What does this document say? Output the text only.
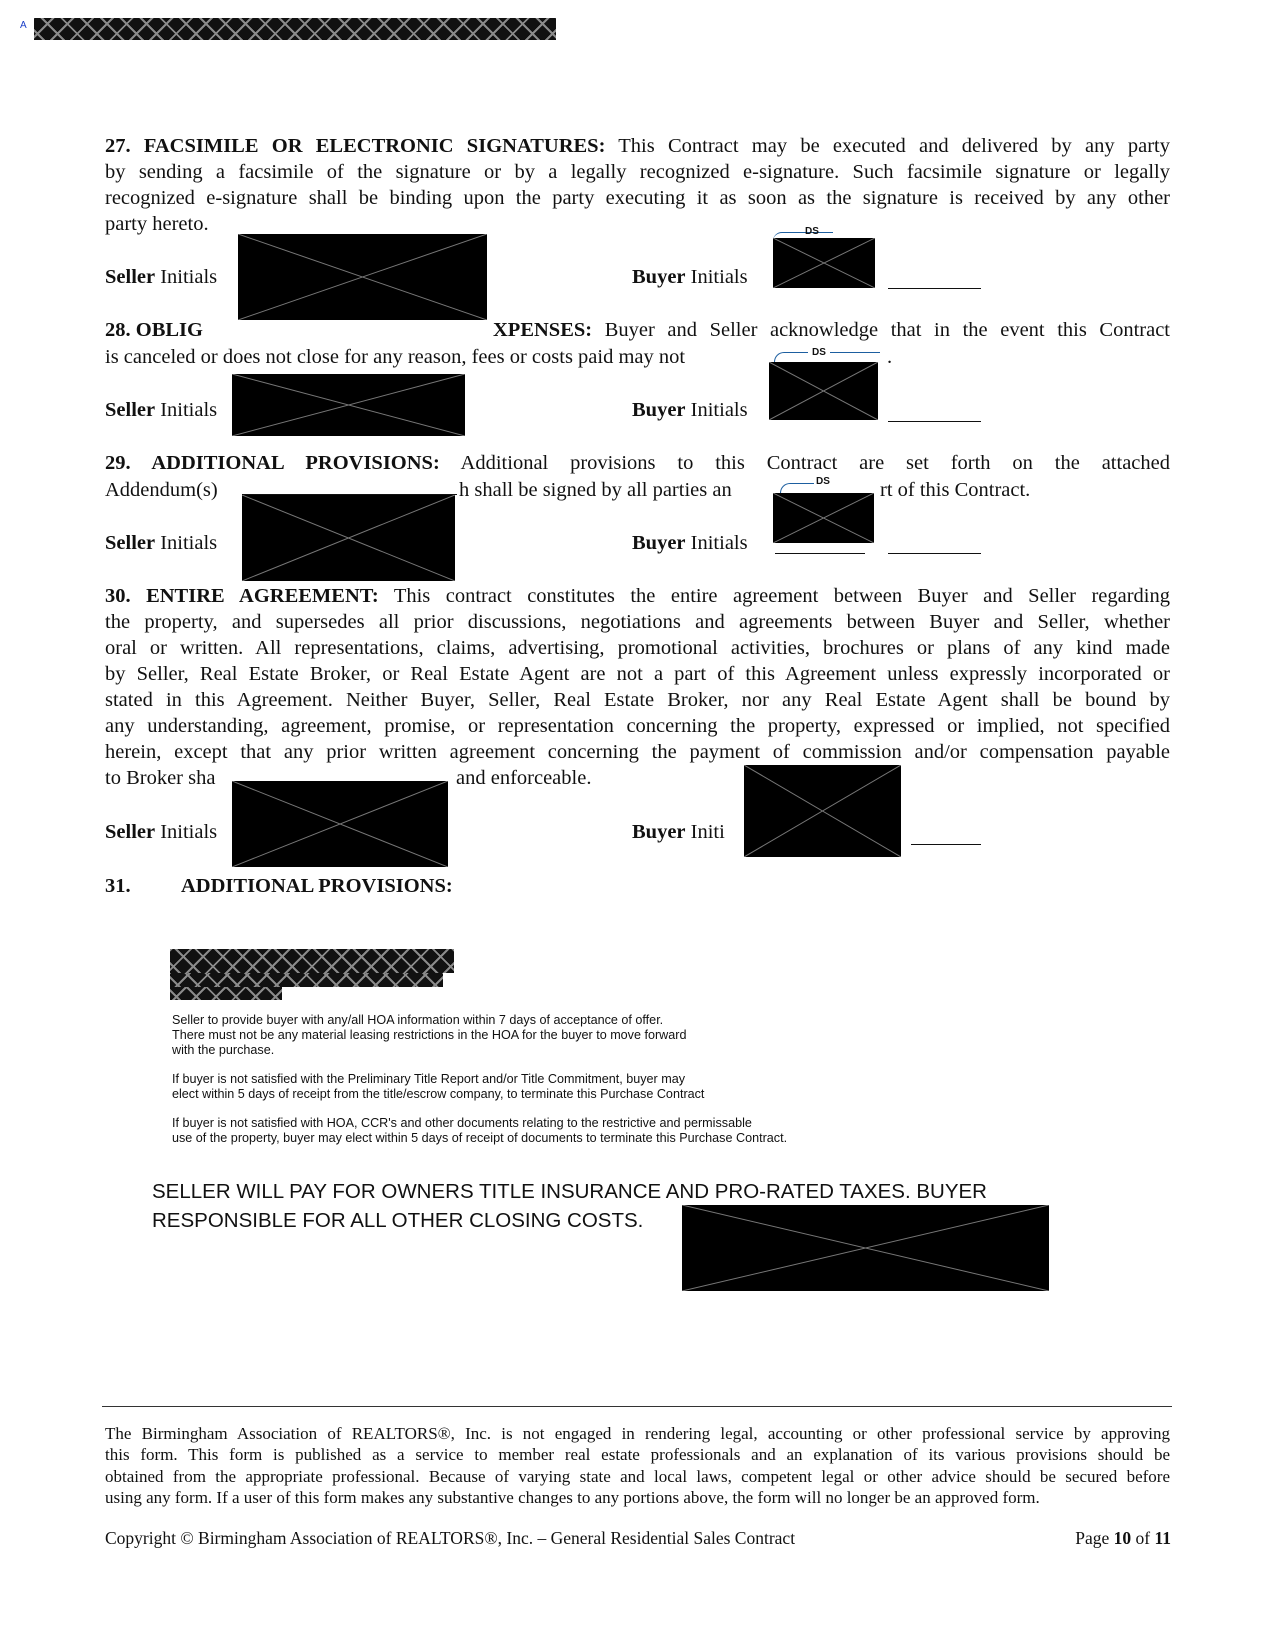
A
27. FACSIMILE OR ELECTRONIC SIGNATURES: This Contract may be executed and delivered by any party
by sending a facsimile of the signature or by a legally recognized e-signature. Such facsimile signature or legally
recognized e-signature shall be binding upon the party executing it as soon as the signature is received by any other
party hereto.
Seller Initials	Buyer Initials
DS
28. OBLIG	XPENSES: Buyer and Seller acknowledge that in the event this Contract
is canceled or does not close for any reason, fees or costs paid may not	DS	.
Seller Initials	Buyer Initials
29. ADDITIONAL PROVISIONS: Additional provisions to this Contract are set forth on the attached
Addendum(s)	h shall be signed by all parties an	DS rt of this Contract.
Seller Initials	Buyer Initials
30. ENTIRE AGREEMENT: This contract constitutes the entire agreement between Buyer and Seller regarding
the property, and supersedes all prior discussions, negotiations and agreements between Buyer and Seller, whether
oral or written. All representations, claims, advertising, promotional activities, brochures or plans of any kind made
by Seller, Real Estate Broker, or Real Estate Agent are not a part of this Agreement unless expressly incorporated or
stated in this Agreement. Neither Buyer, Seller, Real Estate Broker, nor any Real Estate Agent shall be bound by
any understanding, agreement, promise, or representation concerning the property, expressed or implied, not specified
herein, except that any prior written agreement concerning the payment of commission and/or compensation payable
to Broker sha	and enforceable.
Seller Initials	Buyer Initi
31. ADDITIONAL PROVISIONS:
Seller to provide buyer with any/all HOA information within 7 days of acceptance of offer.
There must not be any material leasing restrictions in the HOA for the buyer to move forward
with the purchase.
If buyer is not satisfied with the Preliminary Title Report and/or Title Commitment, buyer may
elect within 5 days of receipt from the title/escrow company, to terminate this Purchase Contract
If buyer is not satisfied with HOA, CCR's and other documents relating to the restrictive and permissable
use of the property, buyer may elect within 5 days of receipt of documents to terminate this Purchase Contract.
SELLER WILL PAY FOR OWNERS TITLE INSURANCE AND PRO-RATED TAXES. BUYER
RESPONSIBLE FOR ALL OTHER CLOSING COSTS.
The Birmingham Association of REALTORS®, Inc. is not engaged in rendering legal, accounting or other professional service by approving
this form. This form is published as a service to member real estate professionals and an explanation of its various provisions should be
obtained from the appropriate professional. Because of varying state and local laws, competent legal or other advice should be secured before
using any form. If a user of this form makes any substantive changes to any portions above, the form will no longer be an approved form.
Copyright © Birmingham Association of REALTORS®, Inc. – General Residential Sales Contract	Page 10 of 11
